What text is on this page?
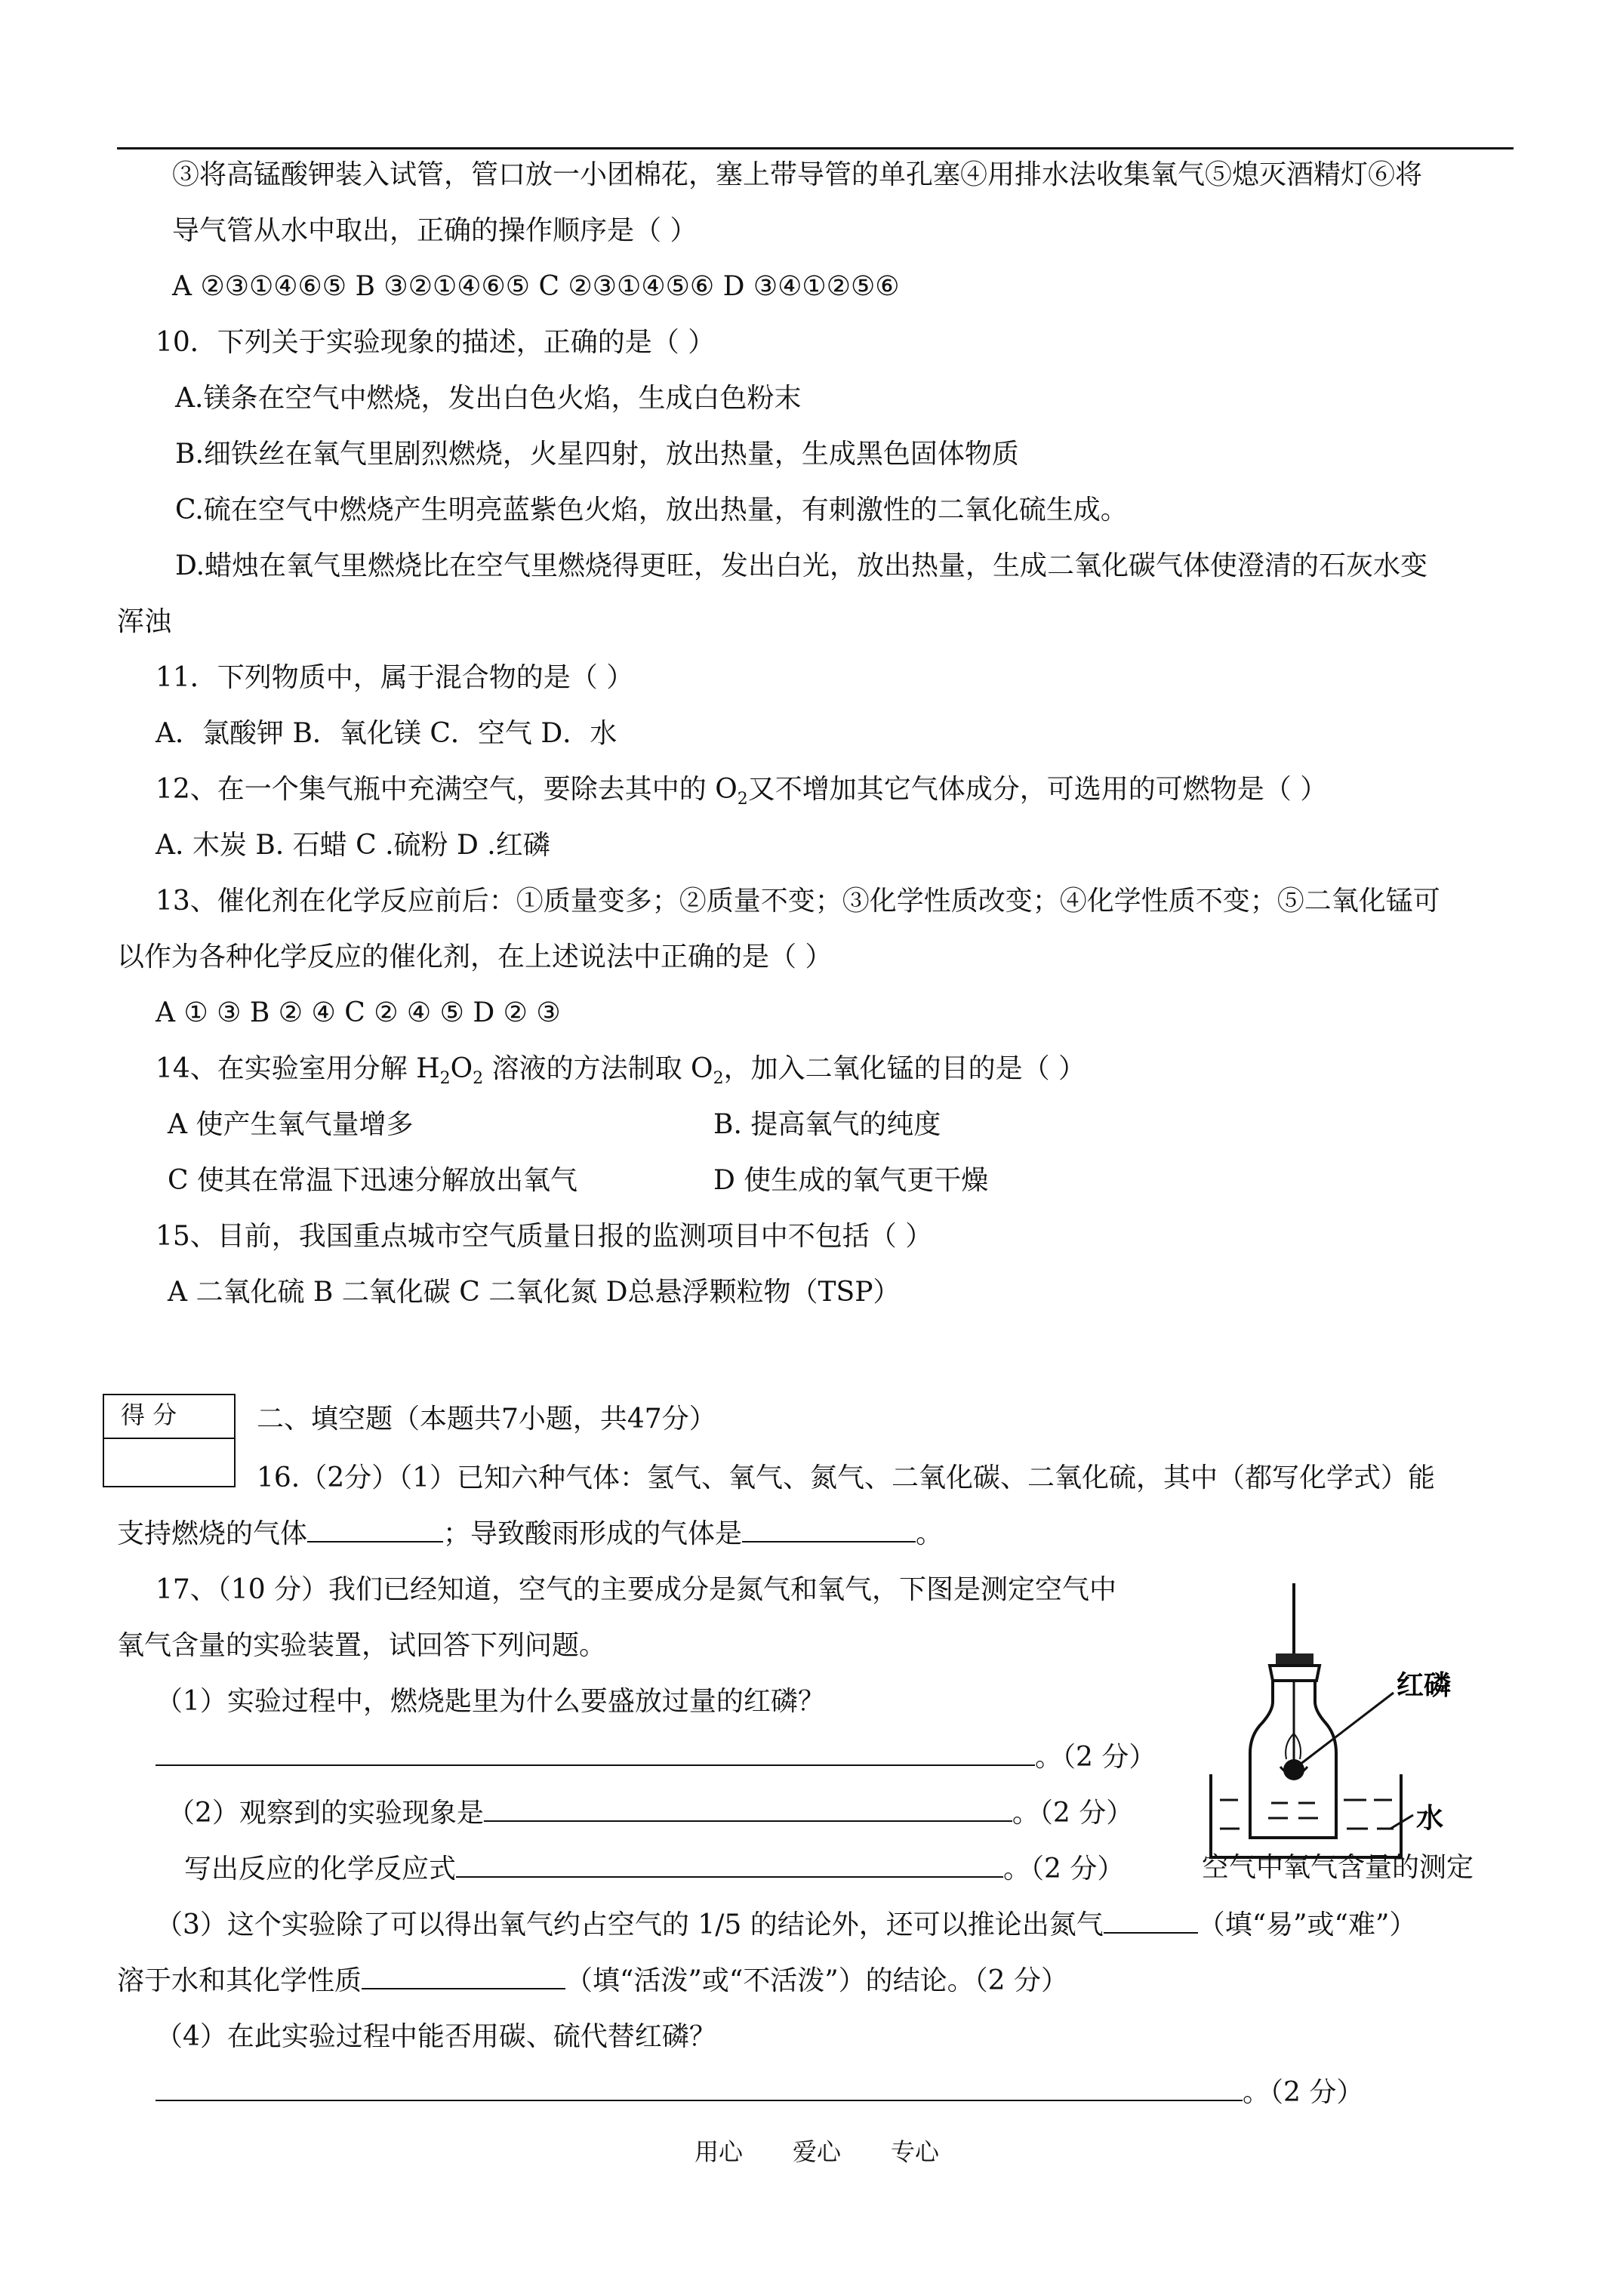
③将高锰酸钾装入试管，管口放一小团棉花，塞上带导管的单孔塞④用排水法收集氧气⑤熄灭酒精灯⑥将
导气管从水中取出，正确的操作顺序是（ ）
A ②③①④⑥⑤ B ③②①④⑥⑤ C ②③①④⑤⑥ D ③④①②⑤⑥
10．下列关于实验现象的描述，正确的是（ ）
A.镁条在空气中燃烧，发出白色火焰，生成白色粉末
B.细铁丝在氧气里剧烈燃烧，火星四射，放出热量，生成黑色固体物质
C.硫在空气中燃烧产生明亮蓝紫色火焰，放出热量，有刺激性的二氧化硫生成。
D.蜡烛在氧气里燃烧比在空气里燃烧得更旺，发出白光，放出热量，生成二氧化碳气体使澄清的石灰水变
浑浊
11．下列物质中，属于混合物的是（ ）
A．氯酸钾 B．氧化镁 C．空气 D．水
12、在一个集气瓶中充满空气，要除去其中的 $O_2$又不增加其它气体成分，可选用的可燃物是（ ）
A. 木炭 B. 石蜡 C .硫粉 D .红磷
13、催化剂在化学反应前后：①质量变多；②质量不变；③化学性质改变；④化学性质不变；⑤二氧化锰可
以作为各种化学反应的催化剂，在上述说法中正确的是（ ）
A ① ③ B ② ④ C ② ④ ⑤ D ② ③
14、在实验室用分解 $H_2O_2$ 溶液的方法制取 $O_2$，加入二氧化锰的目的是（ ）
A 使产生氧气量增多	B. 提高氧气的纯度
C 使其在常温下迅速分解放出氧气	D 使生成的氧气更干燥
15、目前，我国重点城市空气质量日报的监测项目中不包括（ ）
A 二氧化硫 B 二氧化碳 C 二氧化氮 D总悬浮颗粒物（TSP）
得 分	二、填空题（本题共7小题，共47分）
16.（2分）（1）已知六种气体：氢气、氧气、氮气、二氧化碳、二氧化硫，其中（都写化学式）能
支持燃烧的气体	；导致酸雨形成的气体是	。
17、（10 分）我们已经知道，空气的主要成分是氮气和氧气，下图是测定空气中
氧气含量的实验装置，试回答下列问题。
（1）实验过程中，燃烧匙里为什么要盛放过量的红磷？
。（2 分）
（2）观察到的实验现象是	。（2 分）
写出反应的化学反应式	。（2 分）
（3）这个实验除了可以得出氧气约占空气的 1/5 的结论外，还可以推论出氮气	（填“易”或“难”）
溶于水和其化学性质	（填“活泼”或“不活泼”）的结论。（2 分）
（4）在此实验过程中能否用碳、硫代替红磷？
。（2 分）
红磷
水
空气中氧气含量的测定
用心 爱心 专心
